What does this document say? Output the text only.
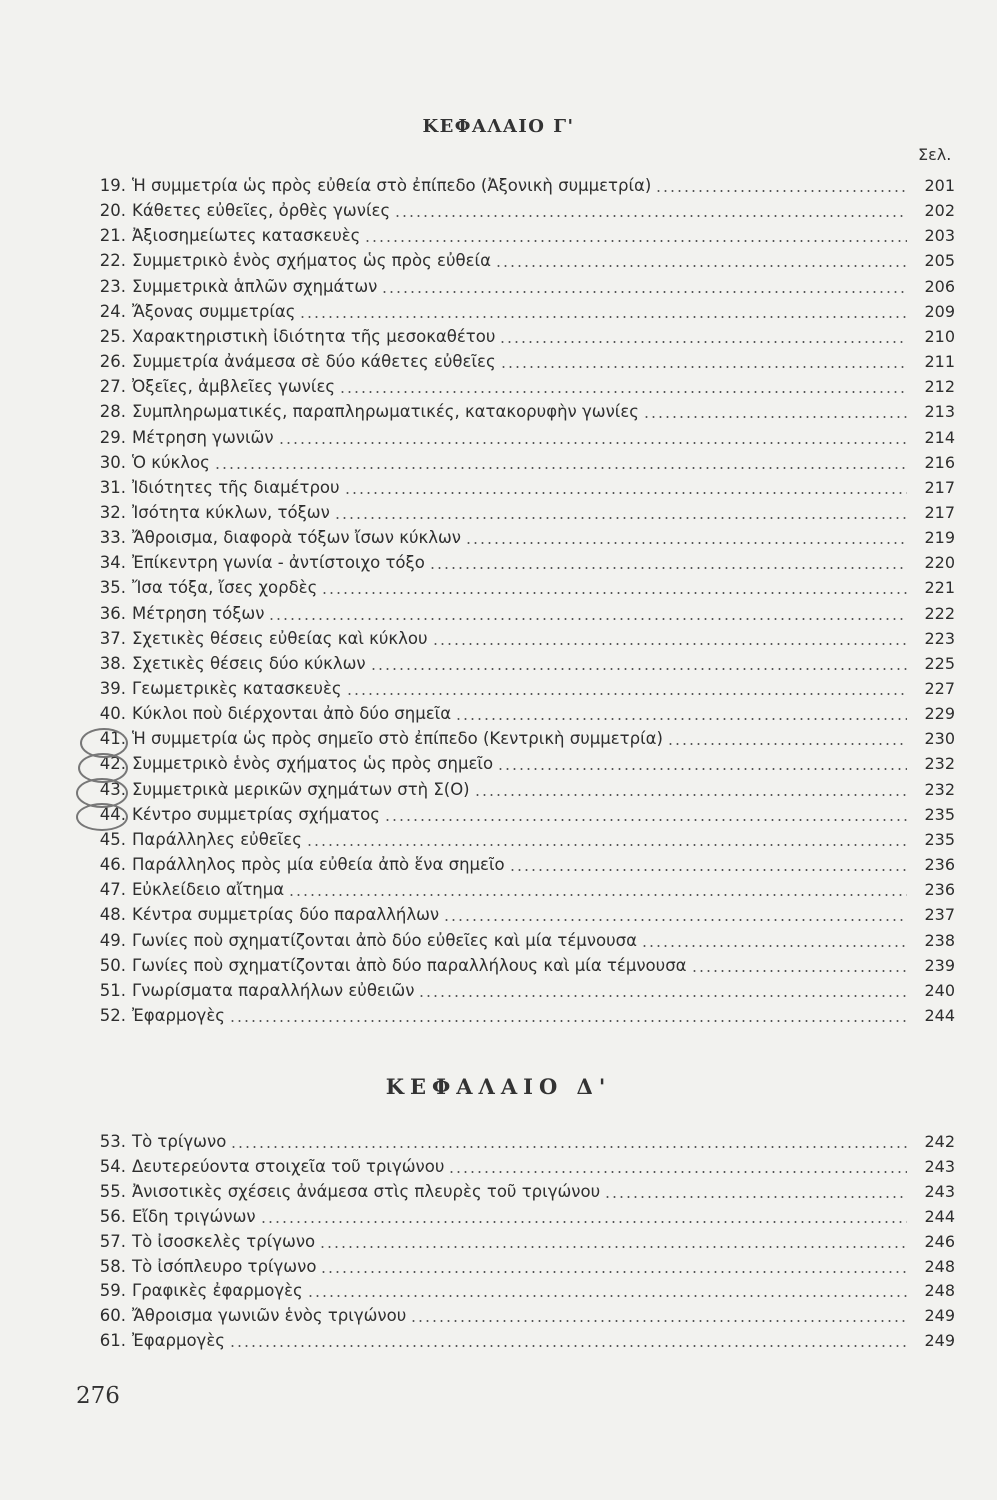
ΚΕΦΑΛΑΙΟ Γ'
Σελ.
19. Ἡ συμμετρία ὡς πρὸς εὐθεία στὸ ἐπίπεδο (Ἀξονικὴ συμμετρία)	201
20. Κάθετες εὐθεῖες, ὀρθὲς γωνίες	202
21. Ἀξιοσημείωτες κατασκευὲς	203
22. Συμμετρικὸ ἑνὸς σχήματος ὡς πρὸς εὐθεία	205
23. Συμμετρικὰ ἁπλῶν σχημάτων	206
24. Ἄξονας συμμετρίας	209
25. Χαρακτηριστικὴ ἰδιότητα τῆς μεσοκαθέτου	210
26. Συμμετρία ἀνάμεσα σὲ δύο κάθετες εὐθεῖες	211
27. Ὀξεῖες, ἀμβλεῖες γωνίες	212
28. Συμπληρωματικές, παραπληρωματικές, κατακορυφὴν γωνίες	213
29. Μέτρηση γωνιῶν	214
30. Ὁ κύκλος	216
31. Ἰδιότητες τῆς διαμέτρου	217
32. Ἰσότητα κύκλων, τόξων	217
33. Ἄθροισμα, διαφορὰ τόξων ἴσων κύκλων	219
34. Ἐπίκεντρη γωνία - ἀντίστοιχο τόξο	220
35. Ἴσα τόξα, ἴσες χορδὲς	221
36. Μέτρηση τόξων	222
37. Σχετικὲς θέσεις εὐθείας καὶ κύκλου	223
38. Σχετικὲς θέσεις δύο κύκλων	225
39. Γεωμετρικὲς κατασκευὲς	227
40. Κύκλοι ποὺ διέρχονται ἀπὸ δύο σημεῖα	229
41. Ἡ συμμετρία ὡς πρὸς σημεῖο στὸ ἐπίπεδο (Κεντρικὴ συμμετρία)	230
42. Συμμετρικὸ ἑνὸς σχήματος ὡς πρὸς σημεῖο	232
43. Συμμετρικὰ μερικῶν σχημάτων στὴ Σ(Ο)	232
44. Κέντρο συμμετρίας σχήματος	235
45. Παράλληλες εὐθεῖες	235
46. Παράλληλος πρὸς μία εὐθεία ἀπὸ ἕνα σημεῖο	236
47. Εὐκλείδειο αἴτημα	236
48. Κέντρα συμμετρίας δύο παραλλήλων	237
49. Γωνίες ποὺ σχηματίζονται ἀπὸ δύο εὐθεῖες καὶ μία τέμνουσα	238
50. Γωνίες ποὺ σχηματίζονται ἀπὸ δύο παραλλήλους καὶ μία τέμνουσα	239
51. Γνωρίσματα παραλλήλων εὐθειῶν	240
52. Ἐφαρμογὲς	244
ΚΕΦΑΛΑΙΟ Δ'
53. Τὸ τρίγωνο	242
54. Δευτερεύοντα στοιχεῖα τοῦ τριγώνου	243
55. Ἀνισοτικὲς σχέσεις ἀνάμεσα στὶς πλευρὲς τοῦ τριγώνου	243
56. Εἴδη τριγώνων	244
57. Τὸ ἰσοσκελὲς τρίγωνο	246
58. Τὸ ἰσόπλευρο τρίγωνο	248
59. Γραφικὲς ἐφαρμογὲς	248
60. Ἄθροισμα γωνιῶν ἑνὸς τριγώνου	249
61. Ἐφαρμογὲς	249
276
